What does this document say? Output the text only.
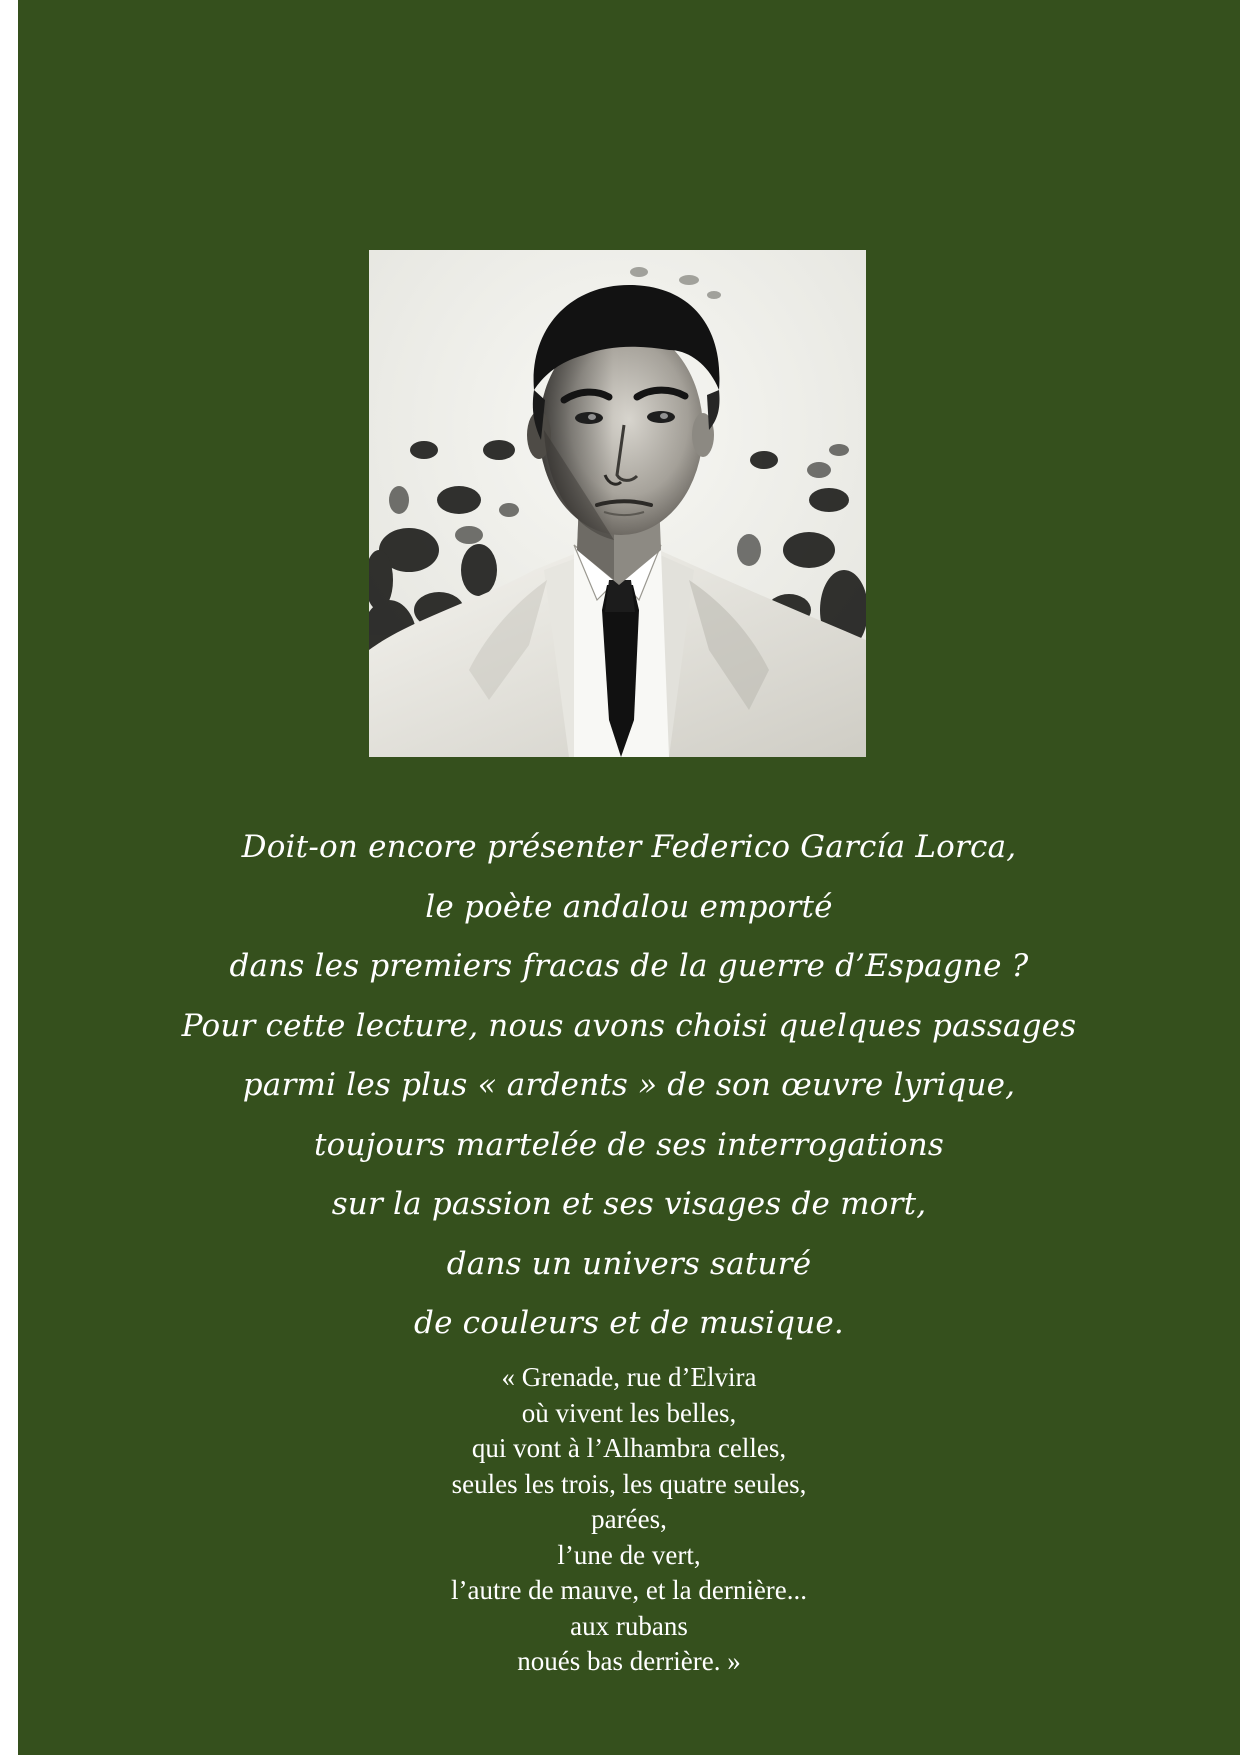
Doit-on encore présenter Federico García Lorca,
le poète andalou emporté
dans les premiers fracas de la guerre d’Espagne ?
Pour cette lecture, nous avons choisi quelques passages
parmi les plus « ardents » de son œuvre lyrique,
toujours martelée de ses interrogations
sur la passion et ses visages de mort,
dans un univers saturé
de couleurs et de musique.
« Grenade, rue d’Elvira
où vivent les belles,
qui vont à l’Alhambra celles,
seules les trois, les quatre seules,
parées,
l’une de vert,
l’autre de mauve, et la dernière...
aux rubans
noués bas derrière. »
